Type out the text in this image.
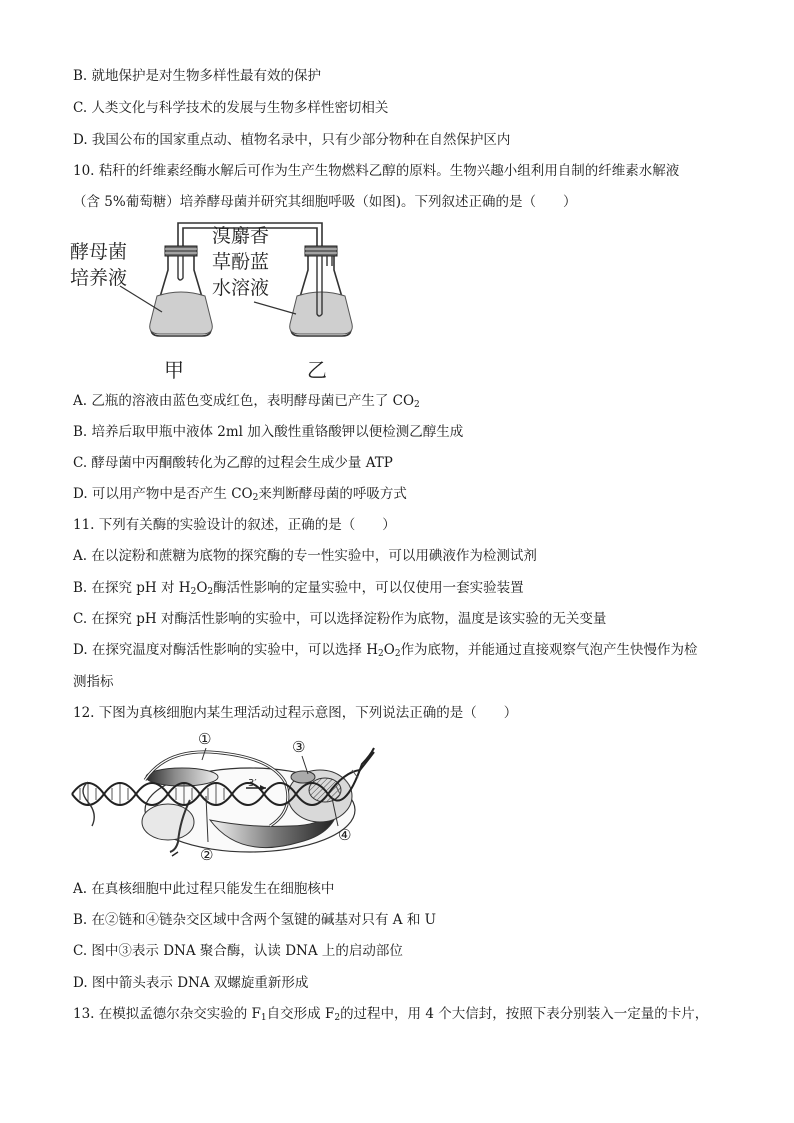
B. 就地保护是对生物多样性最有效的保护
C. 人类文化与科学技术的发展与生物多样性密切相关
D. 我国公布的国家重点动、植物名录中，只有少部分物种在自然保护区内
10. 秸秆的纤维素经酶水解后可作为生产生物燃料乙醇的原料。生物兴趣小组利用自制的纤维素水解液
（含 5%葡萄糖）培养酵母菌并研究其细胞呼吸（如图)。下列叙述正确的是（　　）
酵母菌
培养液
溴麝香
草酚蓝
水溶液
甲	乙
A. 乙瓶的溶液由蓝色变成红色，表明酵母菌已产生了 $CO_2$
B. 培养后取甲瓶中液体 2ml 加入酸性重铬酸钾以便检测乙醇生成
C. 酵母菌中丙酮酸转化为乙醇的过程会生成少量 ATP
D. 可以用产物中是否产生 $CO_2$来判断酵母菌的呼吸方式
11. 下列有关酶的实验设计的叙述，正确的是（　　）
A. 在以淀粉和蔗糖为底物的探究酶的专一性实验中，可以用碘液作为检测试剂
B. 在探究 pH 对 $H_2O_2$酶活性影响的定量实验中，可以仅使用一套实验装置
C. 在探究 pH 对酶活性影响的实验中，可以选择淀粉作为底物，温度是该实验的无关变量
D. 在探究温度对酶活性影响的实验中，可以选择 $H_2O_2$作为底物，并能通过直接观察气泡产生快慢作为检
测指标
12. 下图为真核细胞内某生理活动过程示意图，下列说法正确的是（　　）
①
②
③
④
3′
A. 在真核细胞中此过程只能发生在细胞核中
B. 在②链和④链杂交区域中含两个氢键的碱基对只有 A 和 U
C. 图中③表示 DNA 聚合酶，认读 DNA 上的启动部位
D. 图中箭头表示 DNA 双螺旋重新形成
13. 在模拟孟德尔杂交实验的 $F_1$自交形成 $F_2$的过程中，用 4 个大信封，按照下表分别装入一定量的卡片，
